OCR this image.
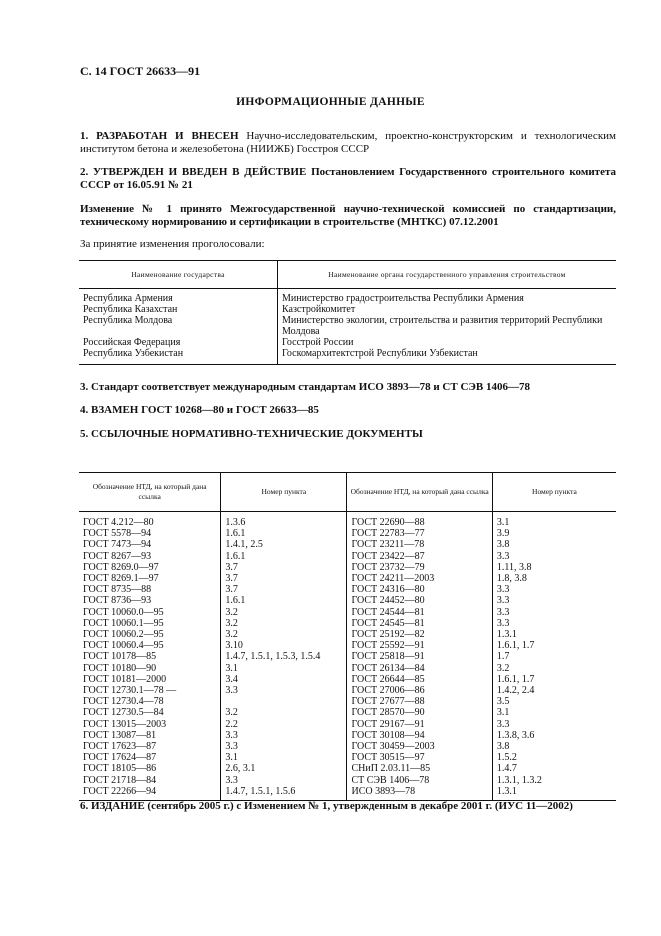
С. 14 ГОСТ 26633—91
ИНФОРМАЦИОННЫЕ ДАННЫЕ
1. РАЗРАБОТАН И ВНЕСЕН Научно-исследовательским, проектно-конструкторским и технологическим институтом бетона и железобетона (НИИЖБ) Госстроя СССР
2. УТВЕРЖДЕН И ВВЕДЕН В ДЕЙСТВИЕ Постановлением Государственного строительного комитета СССР от 16.05.91 № 21
Изменение № 1 принято Межгосударственной научно-технической комиссией по стандартизации, техническому нормированию и сертификации в строительстве (МНТКС) 07.12.2001
За принятие изменения проголосовали:
Наименование государства	Наименование органа государственного управления строительством
Республика Армения	Министерство градостроительства Республики Армения
Республика Казахстан	Казстройкомитет
Республика Молдова	Министерство экологии, строительства и развития территорий Республики Молдова
Российская Федерация	Госстрой России
Республика Узбекистан	Госкомархитектстрой Республики Узбекистан
3. Стандарт соответствует международным стандартам ИСО 3893—78 и СТ СЭВ 1406—78
4. ВЗАМЕН ГОСТ 10268—80 и ГОСТ 26633—85
5. ССЫЛОЧНЫЕ НОРМАТИВНО-ТЕХНИЧЕСКИЕ ДОКУМЕНТЫ
Обозначение НТД, на который дана ссылка	Номер пункта	Обозначение НТД, на который дана ссылка	Номер пункта
ГОСТ 4.212—80	1.3.6	ГОСТ 22690—88	3.1
ГОСТ 5578—94	1.6.1	ГОСТ 22783—77	3.9
ГОСТ 7473—94	1.4.1, 2.5	ГОСТ 23211—78	3.8
ГОСТ 8267—93	1.6.1	ГОСТ 23422—87	3.3
ГОСТ 8269.0—97	3.7	ГОСТ 23732—79	1.11, 3.8
ГОСТ 8269.1—97	3.7	ГОСТ 24211—2003	1.8, 3.8
ГОСТ 8735—88	3.7	ГОСТ 24316—80	3.3
ГОСТ 8736—93	1.6.1	ГОСТ 24452—80	3.3
ГОСТ 10060.0—95	3.2	ГОСТ 24544—81	3.3
ГОСТ 10060.1—95	3.2	ГОСТ 24545—81	3.3
ГОСТ 10060.2—95	3.2	ГОСТ 25192—82	1.3.1
ГОСТ 10060.4—95	3.10	ГОСТ 25592—91	1.6.1, 1.7
ГОСТ 10178—85	1.4.7, 1.5.1, 1.5.3, 1.5.4	ГОСТ 25818—91	1.7
ГОСТ 10180—90	3.1	ГОСТ 26134—84	3.2
ГОСТ 10181—2000	3.4	ГОСТ 26644—85	1.6.1, 1.7
ГОСТ 12730.1—78 —	3.3	ГОСТ 27006—86	1.4.2, 2.4
ГОСТ 12730.4—78		ГОСТ 27677—88	3.5
ГОСТ 12730.5—84	3.2	ГОСТ 28570—90	3.1
ГОСТ 13015—2003	2.2	ГОСТ 29167—91	3.3
ГОСТ 13087—81	3.3	ГОСТ 30108—94	1.3.8, 3.6
ГОСТ 17623—87	3.3	ГОСТ 30459—2003	3.8
ГОСТ 17624—87	3.1	ГОСТ 30515—97	1.5.2
ГОСТ 18105—86	2.6, 3.1	СНиП 2.03.11—85	1.4.7
ГОСТ 21718—84	3.3	СТ СЭВ 1406—78	1.3.1, 1.3.2
ГОСТ 22266—94	1.4.7, 1.5.1, 1.5.6	ИСО 3893—78	1.3.1
6. ИЗДАНИЕ (сентябрь 2005 г.) с Изменением № 1, утвержденным в декабре 2001 г. (ИУС 11—2002)
